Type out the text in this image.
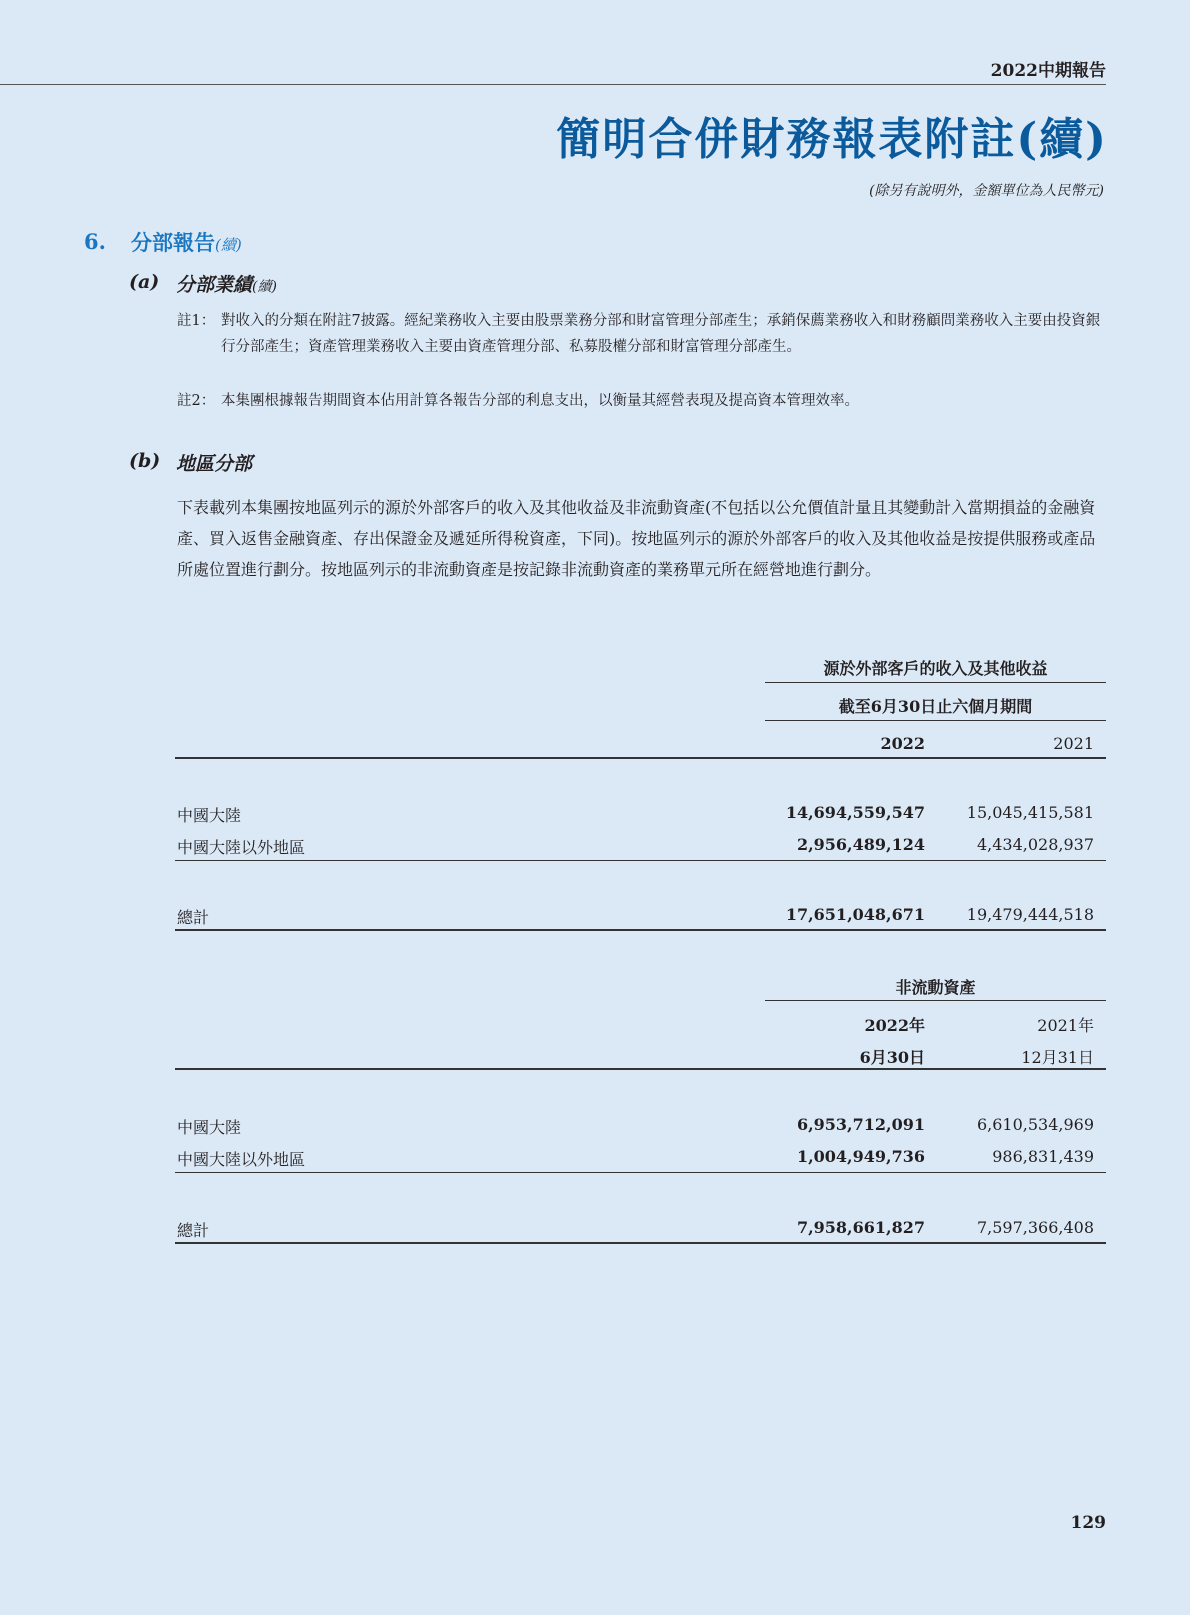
2022中期報告
簡明合併財務報表附註(續)
(除另有說明外，金額單位為人民幣元)
6. 分部報告(續)
(a) 分部業績(續)
註1： 對收入的分類在附註7披露。經紀業務收入主要由股票業務分部和財富管理分部產生；承銷保薦業務收入和財務顧問業務收入主要由投資銀行分部產生；資產管理業務收入主要由資產管理分部、私募股權分部和財富管理分部產生。
註2： 本集團根據報告期間資本佔用計算各報告分部的利息支出，以衡量其經營表現及提高資本管理效率。
(b) 地區分部
下表載列本集團按地區列示的源於外部客戶的收入及其他收益及非流動資產(不包括以公允價值計量且其變動計入當期損益的金融資產、買入返售金融資產、存出保證金及遞延所得稅資產，下同)。按地區列示的源於外部客戶的收入及其他收益是按提供服務或產品所處位置進行劃分。按地區列示的非流動資產是按記錄非流動資產的業務單元所在經營地進行劃分。
源於外部客戶的收入及其他收益
截至6月30日止六個月期間
2022	2021
中國大陸	14,694,559,547	15,045,415,581
中國大陸以外地區	2,956,489,124	4,434,028,937
總計	17,651,048,671	19,479,444,518
非流動資產
2022年	2021年
6月30日	12月31日
中國大陸	6,953,712,091	6,610,534,969
中國大陸以外地區	1,004,949,736	986,831,439
總計	7,958,661,827	7,597,366,408
129
